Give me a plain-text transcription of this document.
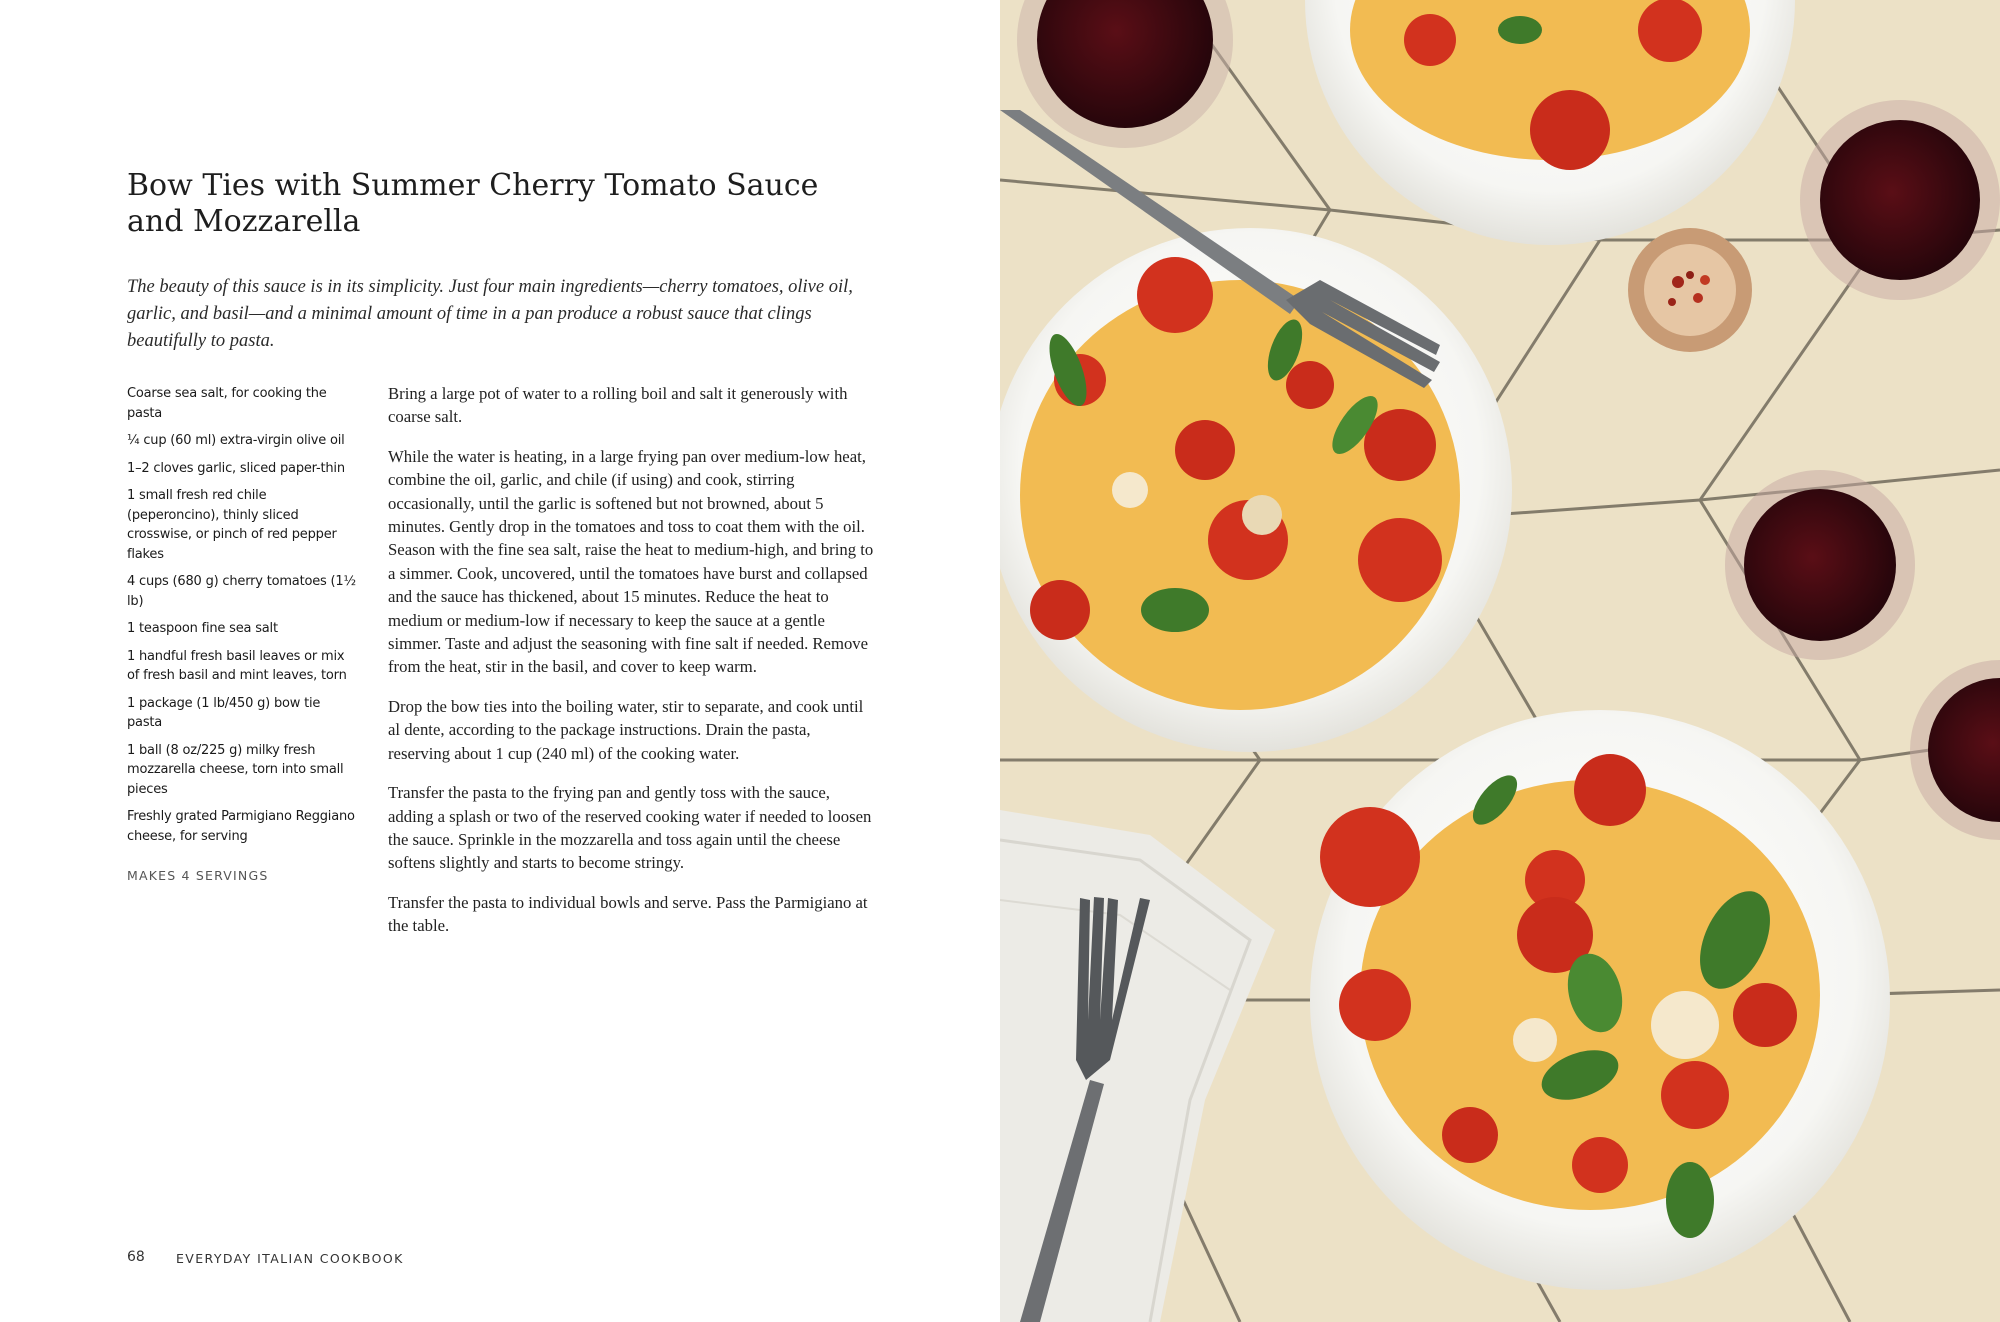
Bow Ties with Summer Cherry Tomato Sauce and Mozzarella

The beauty of this sauce is in its simplicity. Just four main ingredients—cherry tomatoes, olive oil, garlic, and basil—and a minimal amount of time in a pan produce a robust sauce that clings beautifully to pasta.

Coarse sea salt, for cooking the pasta
¼ cup (60 ml) extra-virgin olive oil
1–2 cloves garlic, sliced paper-thin
1 small fresh red chile (peperoncino), thinly sliced crosswise, or pinch of red pepper flakes
4 cups (680 g) cherry tomatoes (1½ lb)
1 teaspoon fine sea salt
1 handful fresh basil leaves or mix of fresh basil and mint leaves, torn
1 package (1 lb/450 g) bow tie pasta
1 ball (8 oz/225 g) milky fresh mozzarella cheese, torn into small pieces
Freshly grated Parmigiano Reggiano cheese, for serving
MAKES 4 SERVINGS

Bring a large pot of water to a rolling boil and salt it generously with coarse salt.

While the water is heating, in a large frying pan over medium-low heat, combine the oil, garlic, and chile (if using) and cook, stirring occasionally, until the garlic is softened but not browned, about 5 minutes. Gently drop in the tomatoes and toss to coat them with the oil. Season with the fine sea salt, raise the heat to medium-high, and bring to a simmer. Cook, uncovered, until the tomatoes have burst and collapsed and the sauce has thickened, about 15 minutes. Reduce the heat to medium or medium-low if necessary to keep the sauce at a gentle simmer. Taste and adjust the seasoning with fine salt if needed. Remove from the heat, stir in the basil, and cover to keep warm.

Drop the bow ties into the boiling water, stir to separate, and cook until al dente, according to the package instructions. Drain the pasta, reserving about 1 cup (240 ml) of the cooking water.

Transfer the pasta to the frying pan and gently toss with the sauce, adding a splash or two of the reserved cooking water if needed to loosen the sauce. Sprinkle in the mozzarella and toss again until the cheese softens slightly and starts to become stringy.

Transfer the pasta to individual bowls and serve. Pass the Parmigiano at the table.

68 EVERYDAY ITALIAN COOKBOOK
